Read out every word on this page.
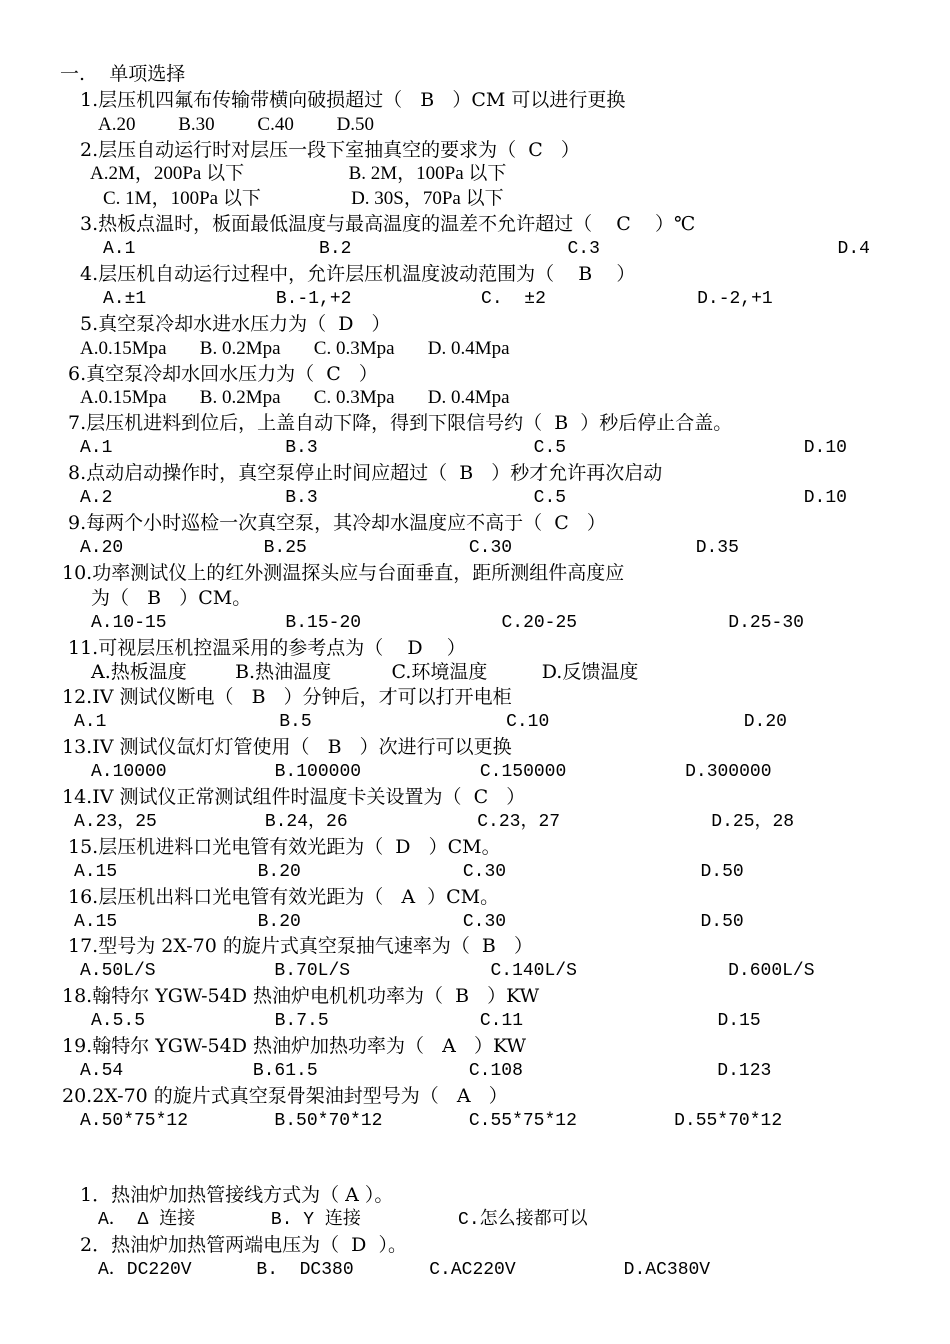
一.    单项选择
1.层压机四氟布传输带横向破损超过（   B   ）CM 可以进行更换
A.20         B.30         C.40         D.50
2.层压自动运行时对层压一段下室抽真空的要求为（  C   ）
A.2M，200Pa 以下                      B. 2M，100Pa 以下
C. 1M，100Pa 以下                   D. 30S，70Pa 以下
3.热板点温时，板面最低温度与最高温度的温差不允许超过（    C    ）℃
A.1                 B.2                    C.3                      D.4
4.层压机自动运行过程中，允许层压机温度波动范围为（    B    ）
A.±1            B.-1,+2            C.  ±2              D.-2,+1
5.真空泵冷却水进水压力为（  D   ）
A.0.15Mpa       B. 0.2Mpa       C. 0.3Mpa       D. 0.4Mpa
6.真空泵冷却水回水压力为（  C   ）
A.0.15Mpa       B. 0.2Mpa       C. 0.3Mpa       D. 0.4Mpa
7.层压机进料到位后，上盖自动下降，得到下限信号约（  B  ）秒后停止合盖。
A.1                B.3                    C.5                      D.10
8.点动启动操作时，真空泵停止时间应超过（  B   ）秒才允许再次启动
A.2                B.3                    C.5                      D.10
9.每两个小时巡检一次真空泵，其冷却水温度应不高于（  C   ）
A.20             B.25               C.30                 D.35
10.功率测试仪上的红外测温探头应与台面垂直，距所测组件高度应
为（   B   ）CM。
A.10-15           B.15-20             C.20-25              D.25-30
11.可视层压机控温采用的参考点为（    D    ）
A.热板温度        B.热油温度          C.环境温度         D.反馈温度
12.IV 测试仪断电（   B   ）分钟后，才可以打开电柜
A.1                B.5                  C.10                  D.20
13.IV 测试仪氙灯灯管使用（   B   ）次进行可以更换
A.10000          B.100000           C.150000           D.300000
14.IV 测试仪正常测试组件时温度卡关设置为（  C   ）
A.23，25          B.24，26            C.23，27              D.25，28
15.层压机进料口光电管有效光距为（  D   ）CM。
A.15             B.20               C.30                  D.50
16.层压机出料口光电管有效光距为（   A  ）CM。
A.15             B.20               C.30                  D.50
17.型号为 2X-70 的旋片式真空泵抽气速率为（  B   ）
A.50L/S           B.70L/S             C.140L/S              D.600L/S
18.翰特尔 YGW-54D 热油炉电机机功率为（  B   ）KW
A.5.5            B.7.5              C.11                  D.15
19.翰特尔 YGW-54D 热油炉加热功率为（   A   ）KW
A.54            B.61.5              C.108                  D.123
20.2X-70 的旋片式真空泵骨架油封型号为（   A   ）
A.50*75*12        B.50*70*12        C.55*75*12         D.55*70*12
1．热油炉加热管接线方式为（ A ）。
A． Δ 连接       B. Y 连接         C.怎么接都可以
2．热油炉加热管两端电压为（  D  ）。
A．DC220V      B.  DC380       C.AC220V          D.AC380V
